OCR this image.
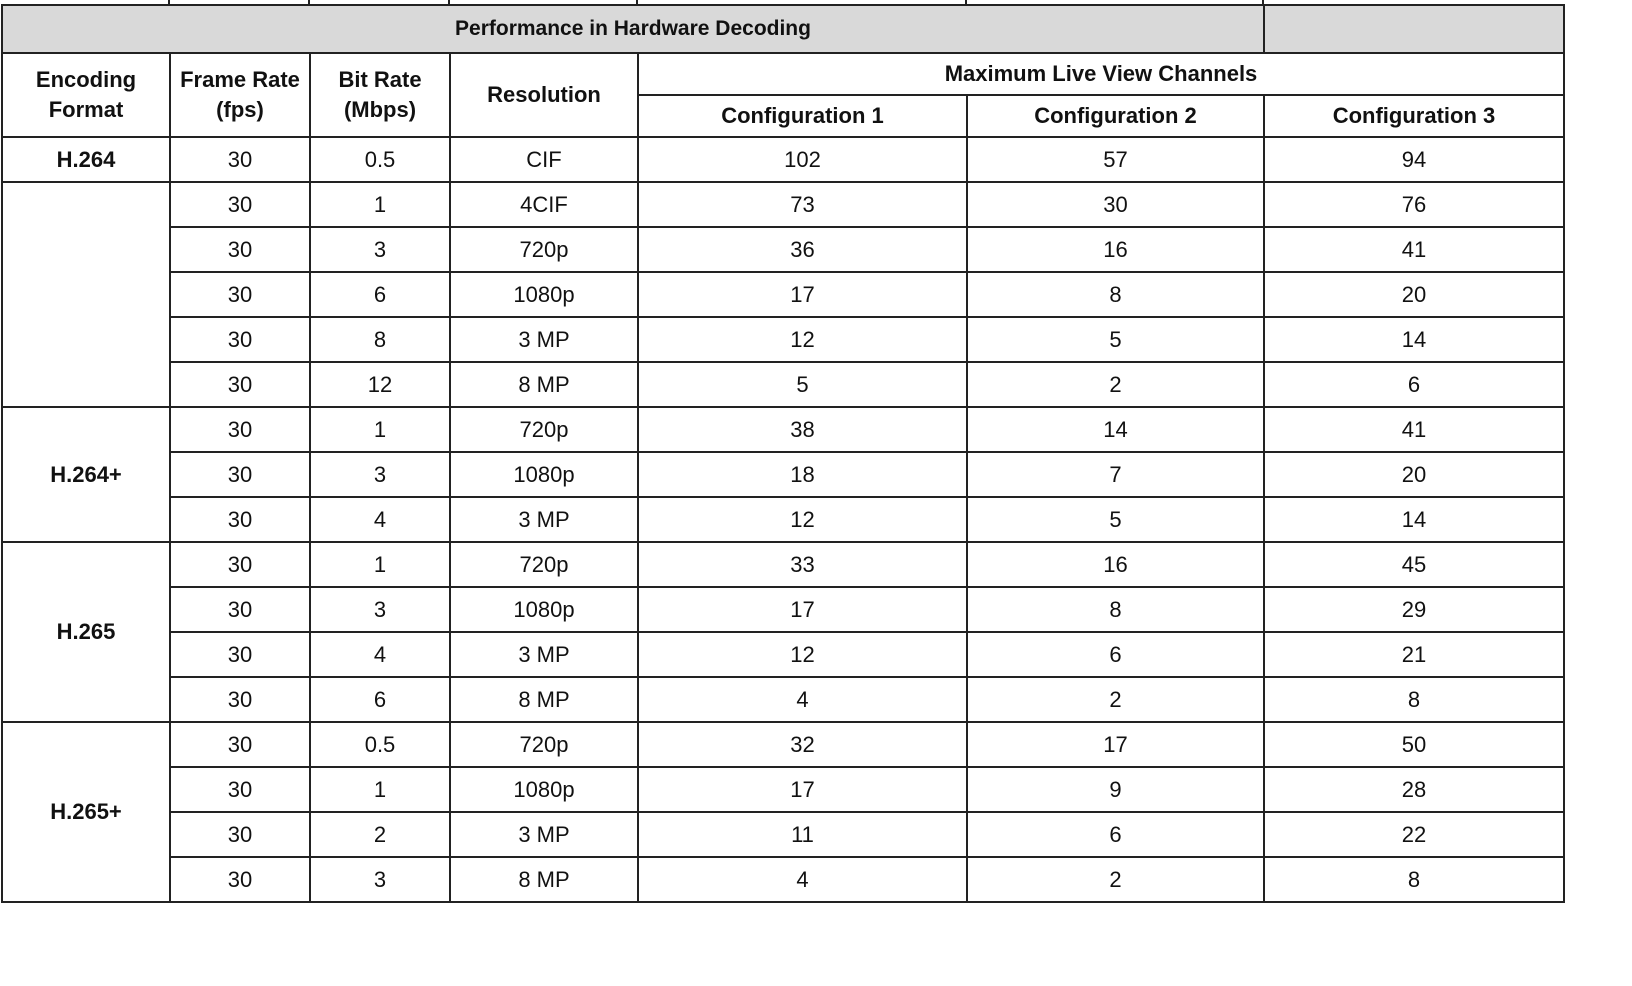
Performance in Hardware Decoding						
Encoding Format	Frame Rate (fps)	Bit Rate (Mbps)	Resolution	Maximum Live View Channels		
				Configuration 1	Configuration 2	Configuration 3
H.264	30	0.5	CIF	102	57	94
	30	1	4CIF	73	30	76
	30	3	720p	36	16	41
	30	6	1080p	17	8	20
	30	8	3 MP	12	5	14
	30	12	8 MP	5	2	6
H.264+	30	1	720p	38	14	41
	30	3	1080p	18	7	20
	30	4	3 MP	12	5	14
H.265	30	1	720p	33	16	45
	30	3	1080p	17	8	29
	30	4	3 MP	12	6	21
	30	6	8 MP	4	2	8
H.265+	30	0.5	720p	32	17	50
	30	1	1080p	17	9	28
	30	2	3 MP	11	6	22
	30	3	8 MP	4	2	8
